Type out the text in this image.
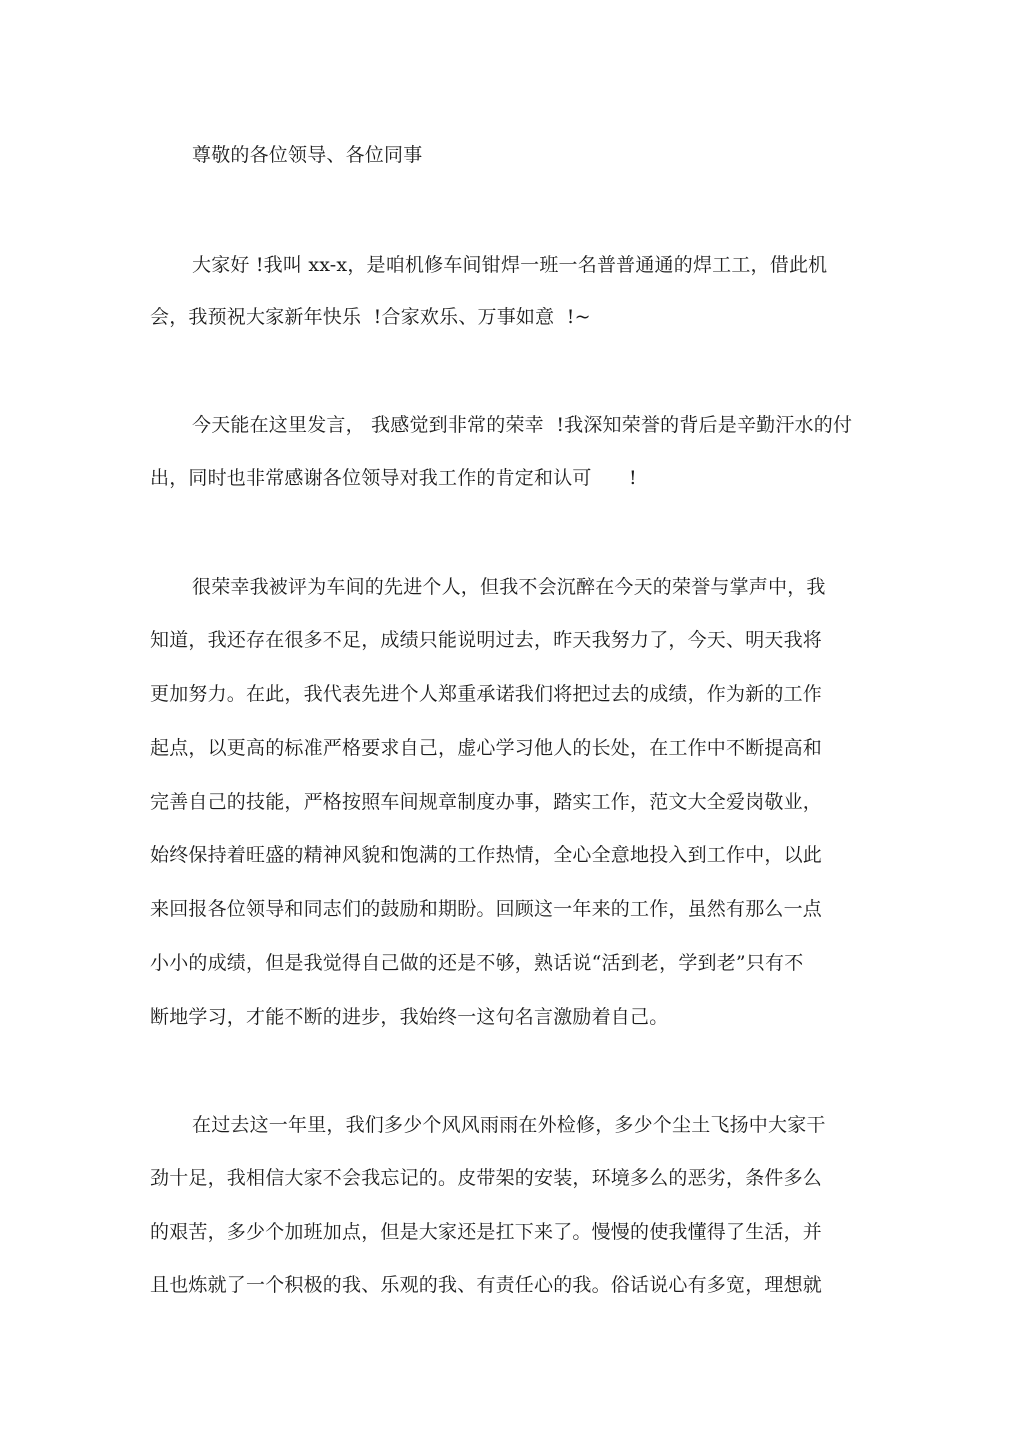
尊敬的各位领导、各位同事
大家好 !我叫 xx-x，是咱机修车间钳焊一班一名普普通通的焊工工，借此机
会，我预祝大家新年快乐  !合家欢乐、万事如意  !~
今天能在这里发言， 我感觉到非常的荣幸  !我深知荣誉的背后是辛勤汗水的付
出，同时也非常感谢各位领导对我工作的肯定和认可      !
很荣幸我被评为车间的先进个人，但我不会沉醉在今天的荣誉与掌声中，我
知道，我还存在很多不足，成绩只能说明过去，昨天我努力了，今天、明天我将
更加努力。在此，我代表先进个人郑重承诺我们将把过去的成绩，作为新的工作
起点，以更高的标准严格要求自己，虚心学习他人的长处，在工作中不断提高和
完善自己的技能，严格按照车间规章制度办事，踏实工作，范文大全爱岗敬业，
始终保持着旺盛的精神风貌和饱满的工作热情，全心全意地投入到工作中，以此
来回报各位领导和同志们的鼓励和期盼。回顾这一年来的工作，虽然有那么一点
小小的成绩，但是我觉得自己做的还是不够，熟话说“活到老，学到老”只有不
断地学习，才能不断的进步，我始终一这句名言激励着自己。
在过去这一年里，我们多少个风风雨雨在外检修，多少个尘土飞扬中大家干
劲十足，我相信大家不会我忘记的。皮带架的安装，环境多么的恶劣，条件多么
的艰苦，多少个加班加点，但是大家还是扛下来了。慢慢的使我懂得了生活，并
且也炼就了一个积极的我、乐观的我、有责任心的我。俗话说心有多宽，理想就
